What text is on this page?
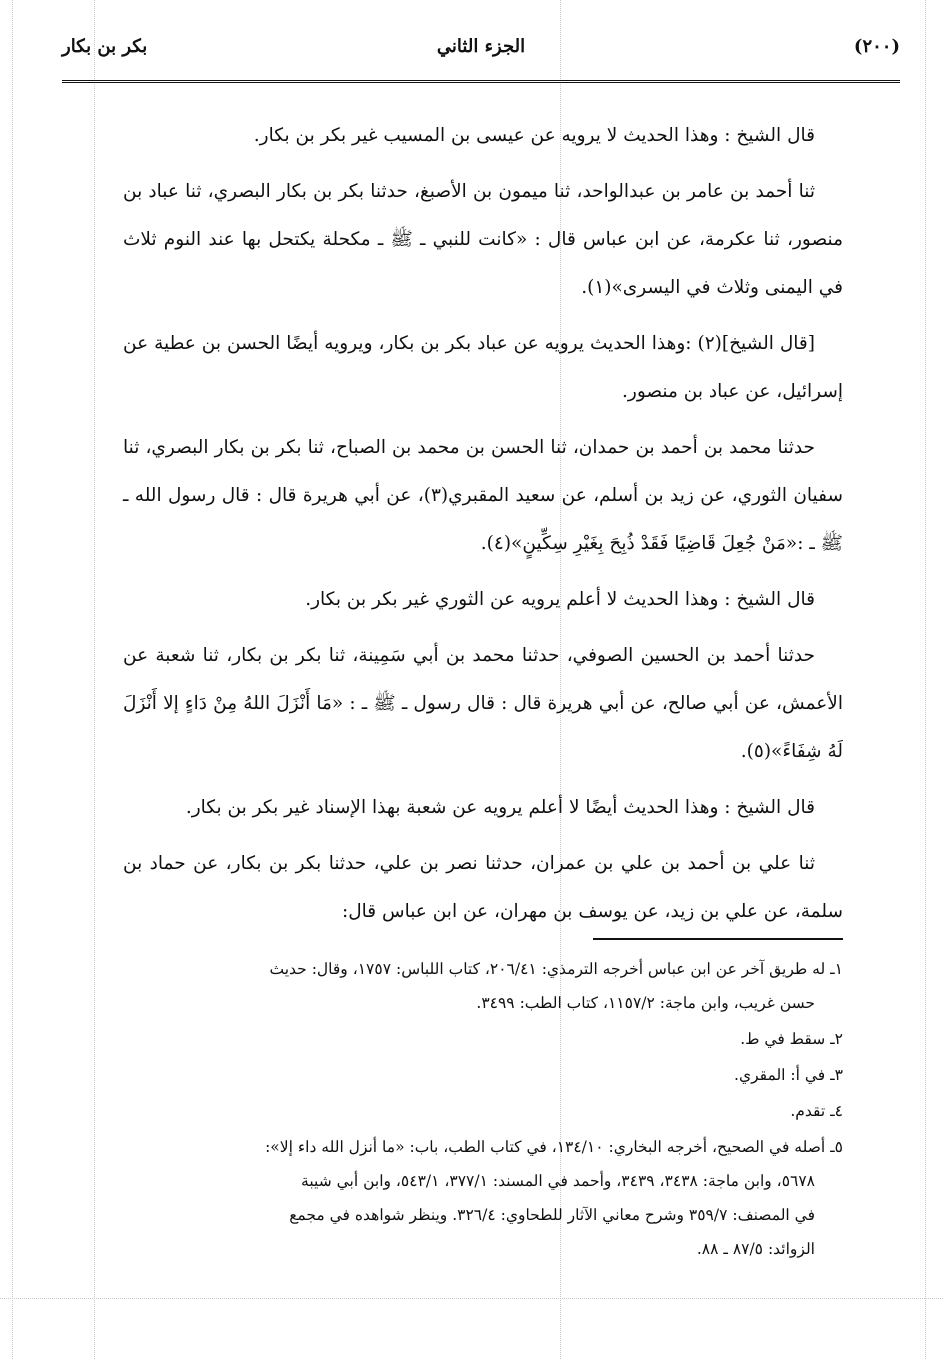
(٢٠٠)
الجزء الثاني
بكر بن بكار

قال الشيخ : وهذا الحديث لا يرويه عن عيسى بن المسيب غير بكر بن بكار.

ثنا أحمد بن عامر بن عبدالواحد، ثنا ميمون بن الأصبغ، حدثنا بكر بن بكار البصري، ثنا عباد بن منصور، ثنا عكرمة، عن ابن عباس قال : «كانت للنبي ـ ﷺ ـ مكحلة يكتحل بها عند النوم ثلاث في اليمنى وثلاث في اليسرى»(١).

[قال الشيخ](٢) :وهذا الحديث يرويه عن عباد بكر بن بكار، ويرويه أيضًا الحسن بن عطية عن إسرائيل، عن عباد بن منصور.

حدثنا محمد بن أحمد بن حمدان، ثنا الحسن بن محمد بن الصباح، ثنا بكر بن بكار البصري، ثنا سفيان الثوري، عن زيد بن أسلم، عن سعيد المقبري(٣)، عن أبي هريرة قال : قال رسول الله ـ ﷺ ـ :«مَنْ جُعِلَ قَاضِيًا فَقَدْ ذُبِحَ بِغَيْرِ سِكِّينٍ»(٤).

قال الشيخ : وهذا الحديث لا أعلم يرويه عن الثوري غير بكر بن بكار.

حدثنا أحمد بن الحسين الصوفي، حدثنا محمد بن أبي سَمِينة، ثنا بكر بن بكار، ثنا شعبة عن الأعمش، عن أبي صالح، عن أبي هريرة قال : قال رسول ـ ﷺ ـ : «مَا أَنْزَلَ اللهُ مِنْ دَاءٍ إلا أَنْزَلَ لَهُ شِفَاءً»(٥).

قال الشيخ : وهذا الحديث أيضًا لا أعلم يرويه عن شعبة بهذا الإسناد غير بكر بن بكار.

ثنا علي بن أحمد بن علي بن عمران، حدثنا نصر بن علي، حدثنا بكر بن بكار، عن حماد بن سلمة، عن علي بن زيد، عن يوسف بن مهران، عن ابن عباس قال:

١ـ له طريق آخر عن ابن عباس أخرجه الترمذي: ٢٠٦/٤١، كتاب اللباس: ١٧٥٧، وقال: حديث
حسن غريب، وابن ماجة: ١١٥٧/٢، كتاب الطب: ٣٤٩٩.
٢ـ سقط في ط.
٣ـ في أ: المقري.
٤ـ تقدم.
٥ـ أصله في الصحيح، أخرجه البخاري: ١٣٤/١٠، في كتاب الطب، باب: «ما أنزل الله داء إلا»:
٥٦٧٨، وابن ماجة: ٣٤٣٨، ٣٤٣٩، وأحمد في المسند: ٣٧٧/١، ٥٤٣/١، وابن أبي شيبة
في المصنف: ٣٥٩/٧ وشرح معاني الآثار للطحاوي: ٣٢٦/٤. وينظر شواهده في مجمع
الزوائد: ٨٧/٥ ـ ٨٨.
